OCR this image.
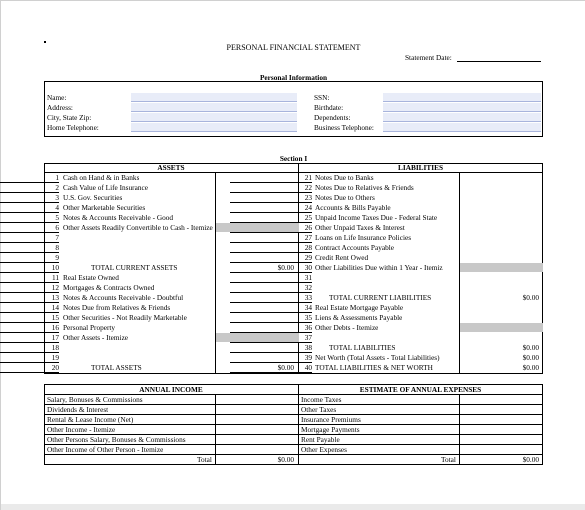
PERSONAL FINANCIAL STATEMENT
Statement Date:
Personal Information
Name:	SSN:
Address:	Birthdate:
City, State Zip:	Dependents:
Home Telephone:	Business Telephone:
Section I
ASSETS	LIABILITIES
1 Cash on Hand & in Banks
2 Cash Value of Life Insurance
3 U.S. Gov. Securities
4 Other Marketable Securities
5 Notes & Accounts Receivable - Good
6 Other Assets Readily Convertible to Cash - Itemize
7
8
9
10	TOTAL CURRENT ASSETS	$0.00
11 Real Estate Owned
12 Mortgages & Contracts Owned
13 Notes & Accounts Receivable - Doubtful
14 Notes Due from Relatives & Friends
15 Other Securities - Not Readily Marketable
16 Personal Property
17 Other Assets - Itemize
18
19
20	TOTAL ASSETS	$0.00
21 Notes Due to Banks
22 Notes Due to Relatives & Friends
23 Notes Due to Others
24 Accounts & Bills Payable
25 Unpaid Income Taxes Due - Federal State
26 Other Unpaid Taxes & Interest
27 Loans on Life Insurance Policies
28 Contract Accounts Payable
29 Credit Rent Owed
30 Other Liabilities Due within 1 Year - Itemiz
31
32
33 TOTAL CURRENT LIABILITIES	$0.00
34 Real Estate Mortgage Payable
35 Liens & Assessments Payable
36 Other Debts - Itemize
37
38 TOTAL LIABILITIES	$0.00
39 Net Worth (Total Assets - Total Liabilities)	$0.00
40 TOTAL LIABILITIES & NET WORTH	$0.00
ANNUAL INCOME	ESTIMATE OF ANNUAL EXPENSES
Salary, Bonuses & Commissions	Income Taxes
Dividends & Interest	Other Taxes
Rental & Lease Income (Net)	Insurance Premiums
Other Income - Itemize	Mortgage Payments
Other Persons Salary, Bonuses & Commissions	Rent Payable
Other Income of Other Person - Itemize	Other Expenses
Total	$0.00	Total	$0.00
